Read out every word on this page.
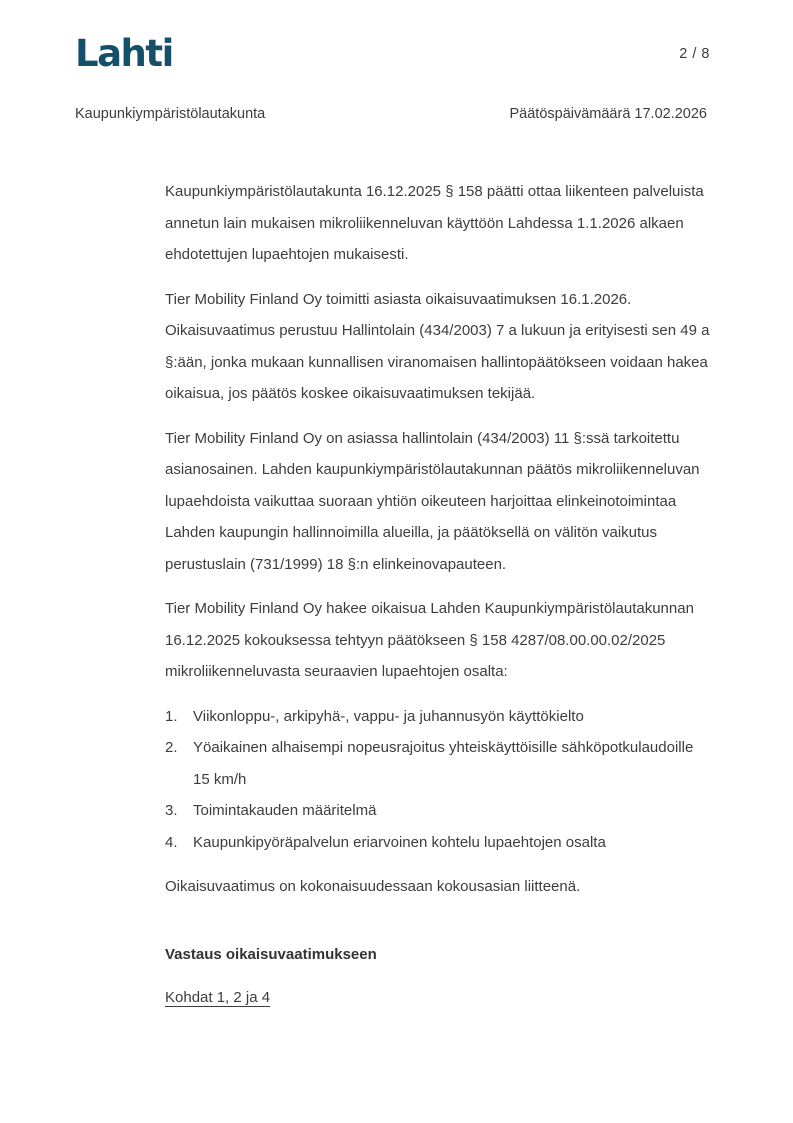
Lahti	2 / 8
Kaupunkiympäristölautakunta	Päätöspäivämäärä 17.02.2026

Kaupunkiympäristölautakunta 16.12.2025 § 158 päätti ottaa liikenteen palveluista annetun lain mukaisen mikroliikenneluvan käyttöön Lahdessa 1.1.2026 alkaen ehdotettujen lupaehtojen mukaisesti.

Tier Mobility Finland Oy toimitti asiasta oikaisuvaatimuksen 16.1.2026. Oikaisuvaatimus perustuu Hallintolain (434/2003) 7 a lukuun ja erityisesti sen 49 a §:ään, jonka mukaan kunnallisen viranomaisen hallintopäätökseen voidaan hakea oikaisua, jos päätös koskee oikaisuvaatimuksen tekijää.

Tier Mobility Finland Oy on asiassa hallintolain (434/2003) 11 §:ssä tarkoitettu asianosainen. Lahden kaupunkiympäristölautakunnan päätös mikroliikenneluvan lupaehdoista vaikuttaa suoraan yhtiön oikeuteen harjoittaa elinkeinotoimintaa Lahden kaupungin hallinnoimilla alueilla, ja päätöksellä on välitön vaikutus perustuslain (731/1999) 18 §:n elinkeinovapauteen.

Tier Mobility Finland Oy hakee oikaisua Lahden Kaupunkiympäristölautakunnan 16.12.2025 kokouksessa tehtyyn päätökseen § 158 4287/08.00.00.02/2025 mikroliikenneluvasta seuraavien lupaehtojen osalta:

1.	Viikonloppu-, arkipyhä-, vappu- ja juhannusyön käyttökielto
2.	Yöaikainen alhaisempi nopeusrajoitus yhteiskäyttöisille sähköpotkulaudoille 15 km/h
3.	Toimintakauden määritelmä
4.	Kaupunkipyöräpalvelun eriarvoinen kohtelu lupaehtojen osalta

Oikaisuvaatimus on kokonaisuudessaan kokousasian liitteenä.

Vastaus oikaisuvaatimukseen

Kohdat 1, 2 ja 4
